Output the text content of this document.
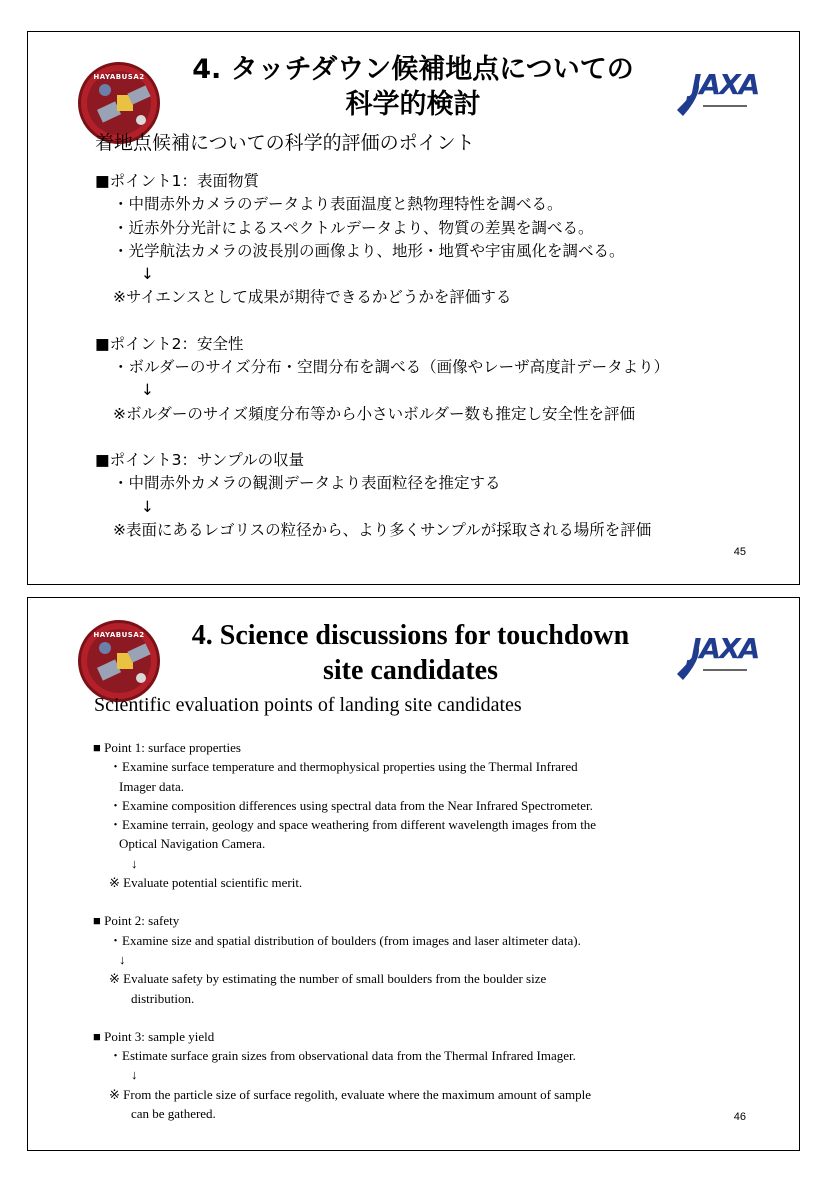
HAYABUSA2	4. タッチダウン候補地点についての
科学的検討
JAXA
着地点候補についての科学的評価のポイント
■ポイント1：表面物質
・中間赤外カメラのデータより表面温度と熱物理特性を調べる。
・近赤外分光計によるスペクトルデータより、物質の差異を調べる。
・光学航法カメラの波長別の画像より、地形・地質や宇宙風化を調べる。
↓
※サイエンスとして成果が期待できるかどうかを評価する
■ポイント2：安全性
・ボルダーのサイズ分布・空間分布を調べる（画像やレーザ高度計データより）
↓
※ボルダーのサイズ頻度分布等から小さいボルダー数も推定し安全性を評価
■ポイント3：サンプルの収量
・中間赤外カメラの観測データより表面粒径を推定する
↓
※表面にあるレゴリスの粒径から、より多くサンプルが採取される場所を評価
45
HAYABUSA2	4. Science discussions for touchdown
site candidates
JAXA
Scientific evaluation points of landing site candidates
■ Point 1: surface properties
・Examine surface temperature and thermophysical properties using the Thermal Infrared
Imager data.
・Examine composition differences using spectral data from the Near Infrared Spectrometer.
・Examine terrain, geology and space weathering from different wavelength images from the
Optical Navigation Camera.
↓
※ Evaluate potential scientific merit.
■ Point 2: safety
・Examine size and spatial distribution of boulders (from images and laser altimeter data).
↓
※ Evaluate safety by estimating the number of small boulders from the boulder size
distribution.
■ Point 3: sample yield
・Estimate surface grain sizes from observational data from the Thermal Infrared Imager.
↓
※ From the particle size of surface regolith, evaluate where the maximum amount of sample
can be gathered.	46
